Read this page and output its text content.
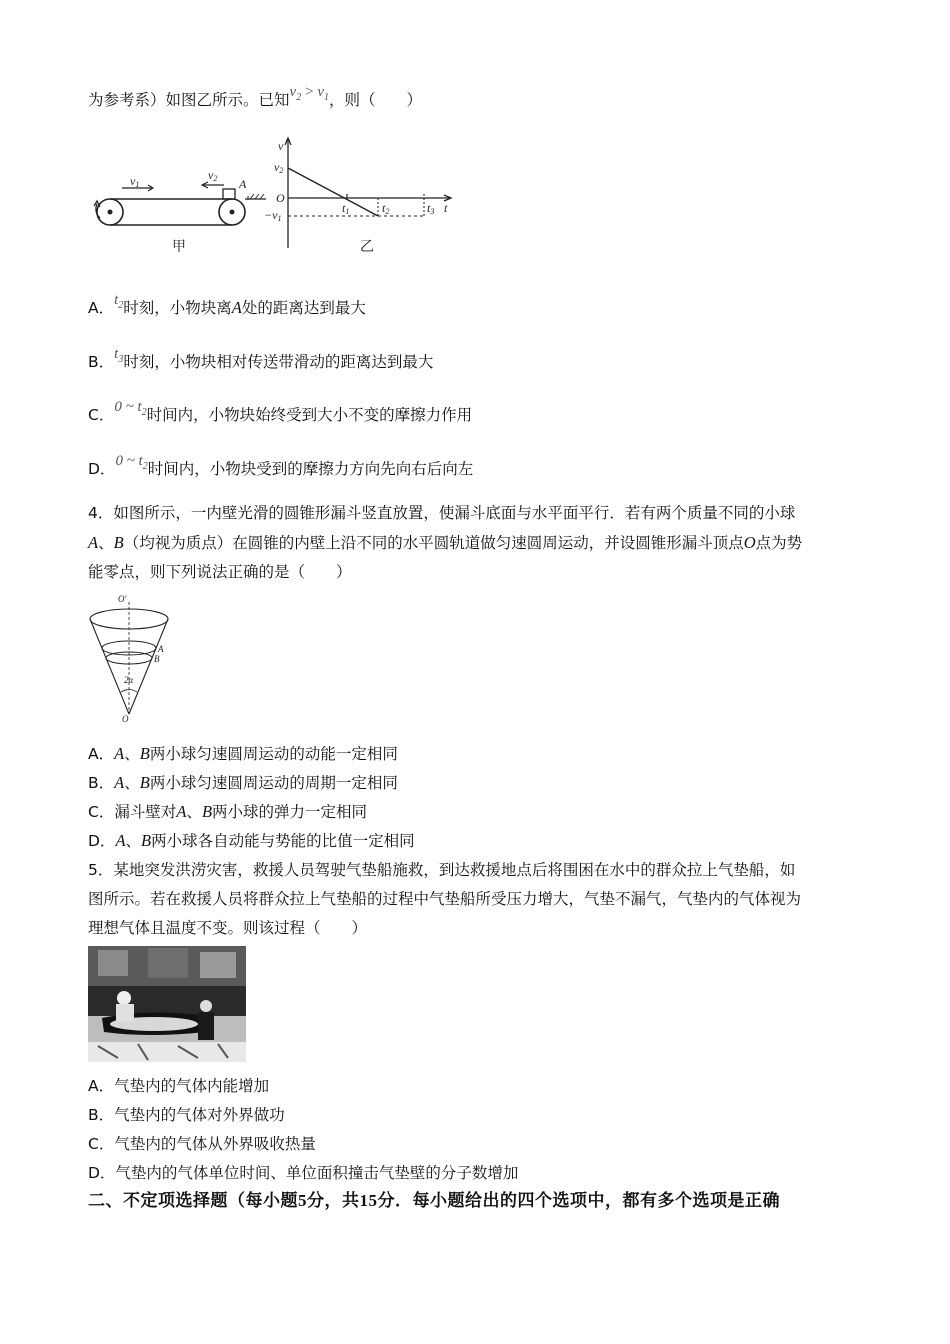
为参考系）如图乙所示。已知$v_2 > v_1$，则（　　）
v1
v2 A
甲
v
t
v2
O
−v1
t1	t2	t3
乙
A．$t_2$时刻，小物块离A处的距离达到最大
B．$t_3$时刻，小物块相对传送带滑动的距离达到最大
C．0 ~ $t_2$时间内，小物块始终受到大小不变的摩擦力作用
D．0 ~ $t_2$时间内，小物块受到的摩擦力方向先向右后向左
4．如图所示，一内壁光滑的圆锥形漏斗竖直放置，使漏斗底面与水平面平行．若有两个质量不同的小球
A、B（均视为质点）在圆锥的内壁上沿不同的水平圆轨道做匀速圆周运动，并设圆锥形漏斗顶点O点为势
能零点，则下列说法正确的是（　　）
O′
A
B
2α
O
A．A、B两小球匀速圆周运动的动能一定相同
B．A、B两小球匀速圆周运动的周期一定相同
C．漏斗壁对A、B两小球的弹力一定相同
D．A、B两小球各自动能与势能的比值一定相同
5．某地突发洪涝灾害，救援人员驾驶气垫船施救，到达救援地点后将围困在水中的群众拉上气垫船，如
图所示。若在救援人员将群众拉上气垫船的过程中气垫船所受压力增大，气垫不漏气，气垫内的气体视为
理想气体且温度不变。则该过程（　　）
A．气垫内的气体内能增加
B．气垫内的气体对外界做功
C．气垫内的气体从外界吸收热量
D．气垫内的气体单位时间、单位面积撞击气垫壁的分子数增加
二、不定项选择题（每小题5分，共15分．每小题给出的四个选项中，都有多个选项是正确
